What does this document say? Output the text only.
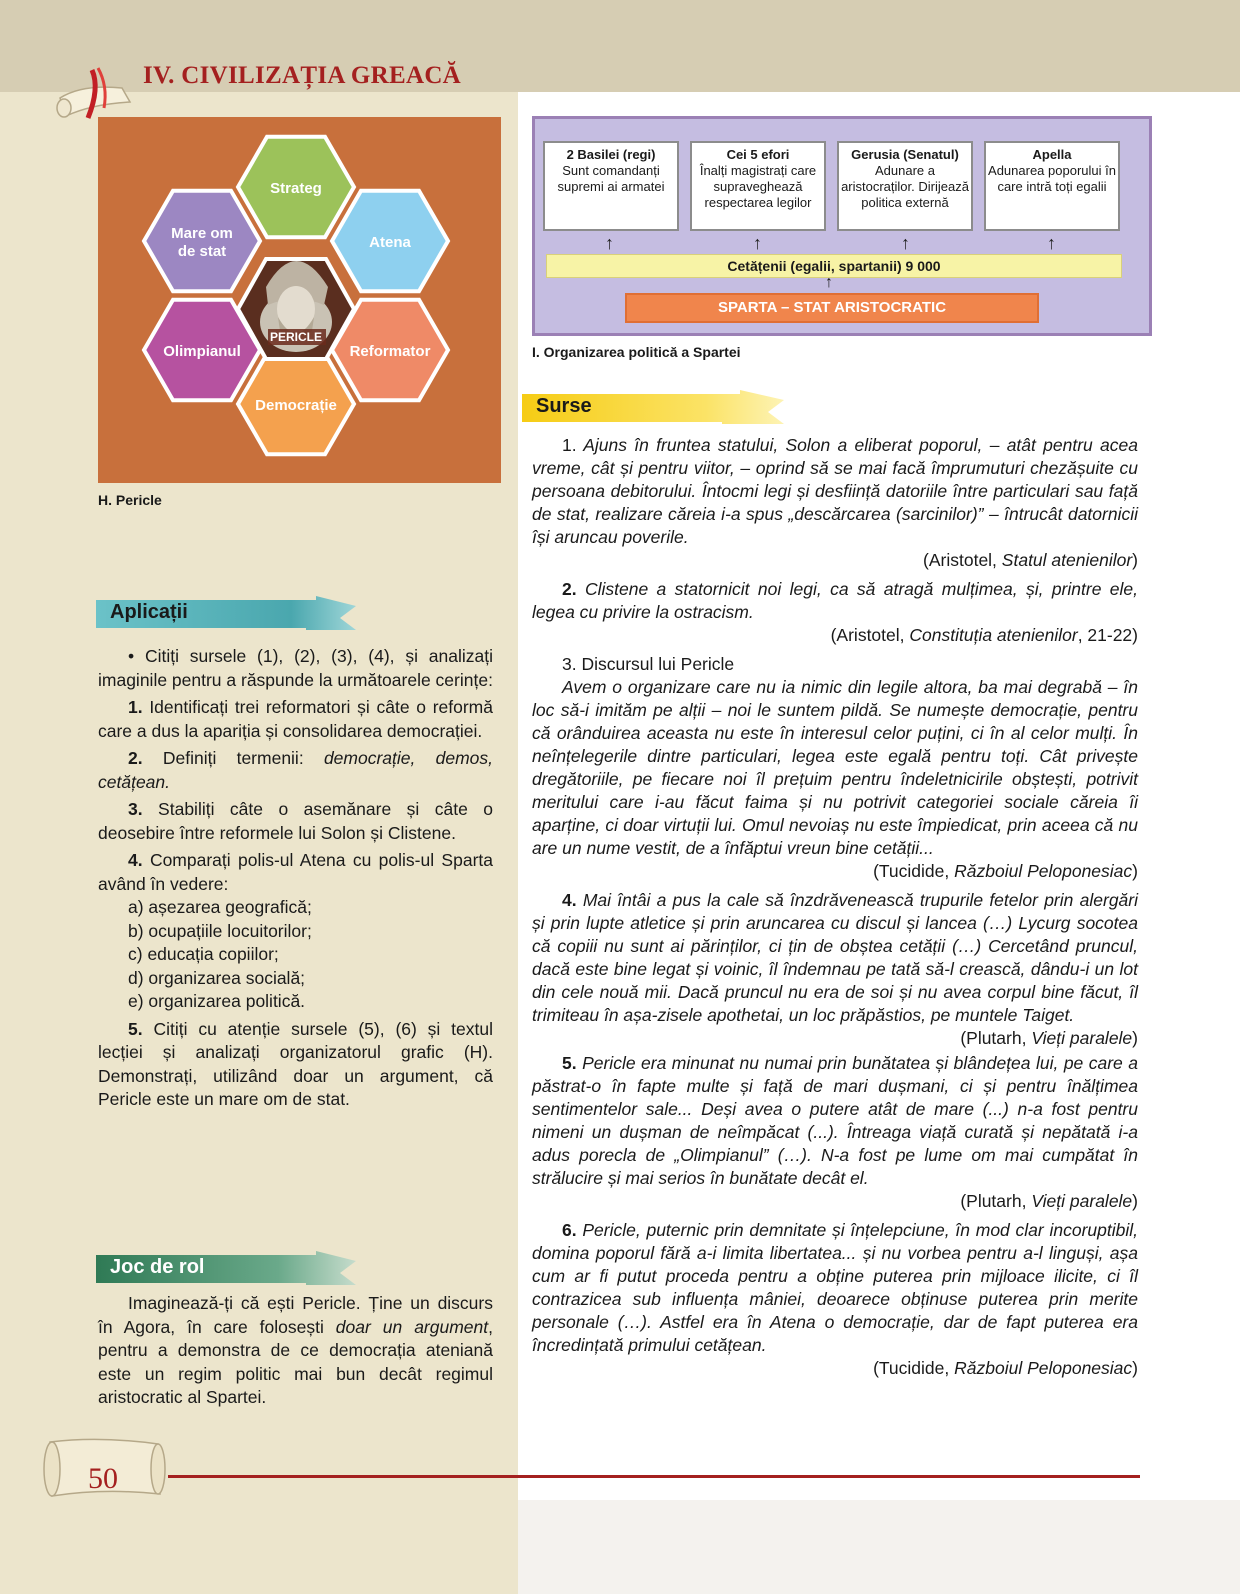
IV. CIVILIZAȚIA GREACĂ
Strateg
Atena
Reformator
Democrație
Olimpianul
Mare om
de stat
PERICLE
H. Pericle
2 Basilei (regi)
Sunt comandanți supremi ai armatei
Cei 5 efori
Înalți magistrați care supraveghează respectarea legilor
Gerusia (Senatul)
Adunare a aristocraților. Dirijează politica externă
Apella
Adunarea poporului în care intră toți egalii
↑	↑	↑	↑
Cetățenii (egalii, spartanii) 9 000
↑
SPARTA – STAT ARISTOCRATIC
I. Organizarea politică a Spartei
Surse
Aplicații

• Citiți sursele (1), (2), (3), (4), și analizați imaginile pentru a răspunde la următoarele cerințe:

1. Identificați trei reformatori și câte o reformă care a dus la apariția și consolidarea democrației.

2. Definiți termenii: democrație, demos, cetățean.

3. Stabiliți câte o asemănare și câte o deosebire între reformele lui Solon și Clistene.

4. Comparați polis-ul Atena cu polis-ul Sparta având în vedere:

a) așezarea geografică;
b) ocupațiile locuitorilor;
c) educația copiilor;
d) organizarea socială;
e) organizarea politică.

5. Citiți cu atenție sursele (5), (6) și textul lecției și analizați organizatorul grafic (H). Demonstrați, utilizând doar un argument, că Pericle este un mare om de stat.

Joc de rol

Imaginează-ți că ești Pericle. Ține un discurs în Agora, în care folosești doar un argument, pentru a demonstra de ce democrația ateniană este un regim politic mai bun decât regimul aristocratic al Spartei.

1. Ajuns în fruntea statului, Solon a eliberat poporul, – atât pentru acea vreme, cât și pentru viitor, – oprind să se mai facă împrumuturi chezășuite cu persoana debitorului. Întocmi legi și desființă datoriile între particulari sau față de stat, realizare căreia i-a spus „descărcarea (sarcinilor)” – întrucât datornicii își aruncau poverile.

(Aristotel, Statul atenienilor)

2. Clistene a statornicit noi legi, ca să atragă mulțimea, și, printre ele, legea cu privire la ostracism.

(Aristotel, Constituția atenienilor, 21-22)

3. Discursul lui Pericle

Avem o organizare care nu ia nimic din legile altora, ba mai degrabă – în loc să-i imităm pe alții – noi le suntem pildă. Se numește democrație, pentru că orânduirea aceasta nu este în interesul celor puțini, ci în al celor mulți. În neînțelegerile dintre particulari, legea este egală pentru toți. Cât privește dregătoriile, pe fiecare noi îl prețuim pentru îndeletnicirile obștești, potrivit meritului care i-au făcut faima și nu potrivit categoriei sociale căreia îi aparține, ci doar virtuții lui. Omul nevoiaș nu este împiedicat, prin aceea că nu are un nume vestit, de a înfăptui vreun bine cetății...

(Tucidide, Războiul Peloponesiac)

4. Mai întâi a pus la cale să înzdrăvenească trupurile fetelor prin alergări și prin lupte atletice și prin aruncarea cu discul și lancea (…) Lycurg socotea că copiii nu sunt ai părinților, ci țin de obștea cetății (…) Cercetând pruncul, dacă este bine legat și voinic, îl îndemnau pe tată să-l crească, dându-i un lot din cele nouă mii. Dacă pruncul nu era de soi și nu avea corpul bine făcut, îl trimiteau în așa-zisele apothetai, un loc prăpăstios, pe muntele Taiget.

(Plutarh, Vieți paralele)

5. Pericle era minunat nu numai prin bunătatea și blândețea lui, pe care a păstrat-o în fapte multe și față de mari dușmani, ci și pentru înălțimea sentimentelor sale... Deși avea o putere atât de mare (...) n-a fost pentru nimeni un dușman de neîmpăcat (...). Întreaga viață curată și nepătată i-a adus porecla de „Olimpianul” (…). N-a fost pe lume om mai cumpătat în strălucire și mai serios în bunătate decât el.

(Plutarh, Vieți paralele)

6. Pericle, puternic prin demnitate și înțelepciune, în mod clar incoruptibil, domina poporul fără a-i limita libertatea... și nu vorbea pentru a-l linguși, așa cum ar fi putut proceda pentru a obține puterea prin mijloace ilicite, ci îl contrazicea sub influența mâniei, deoarece obținuse puterea prin merite personale (…). Astfel era în Atena o democrație, dar de fapt puterea era încredințată primului cetățean.

(Tucidide, Războiul Peloponesiac)

50
